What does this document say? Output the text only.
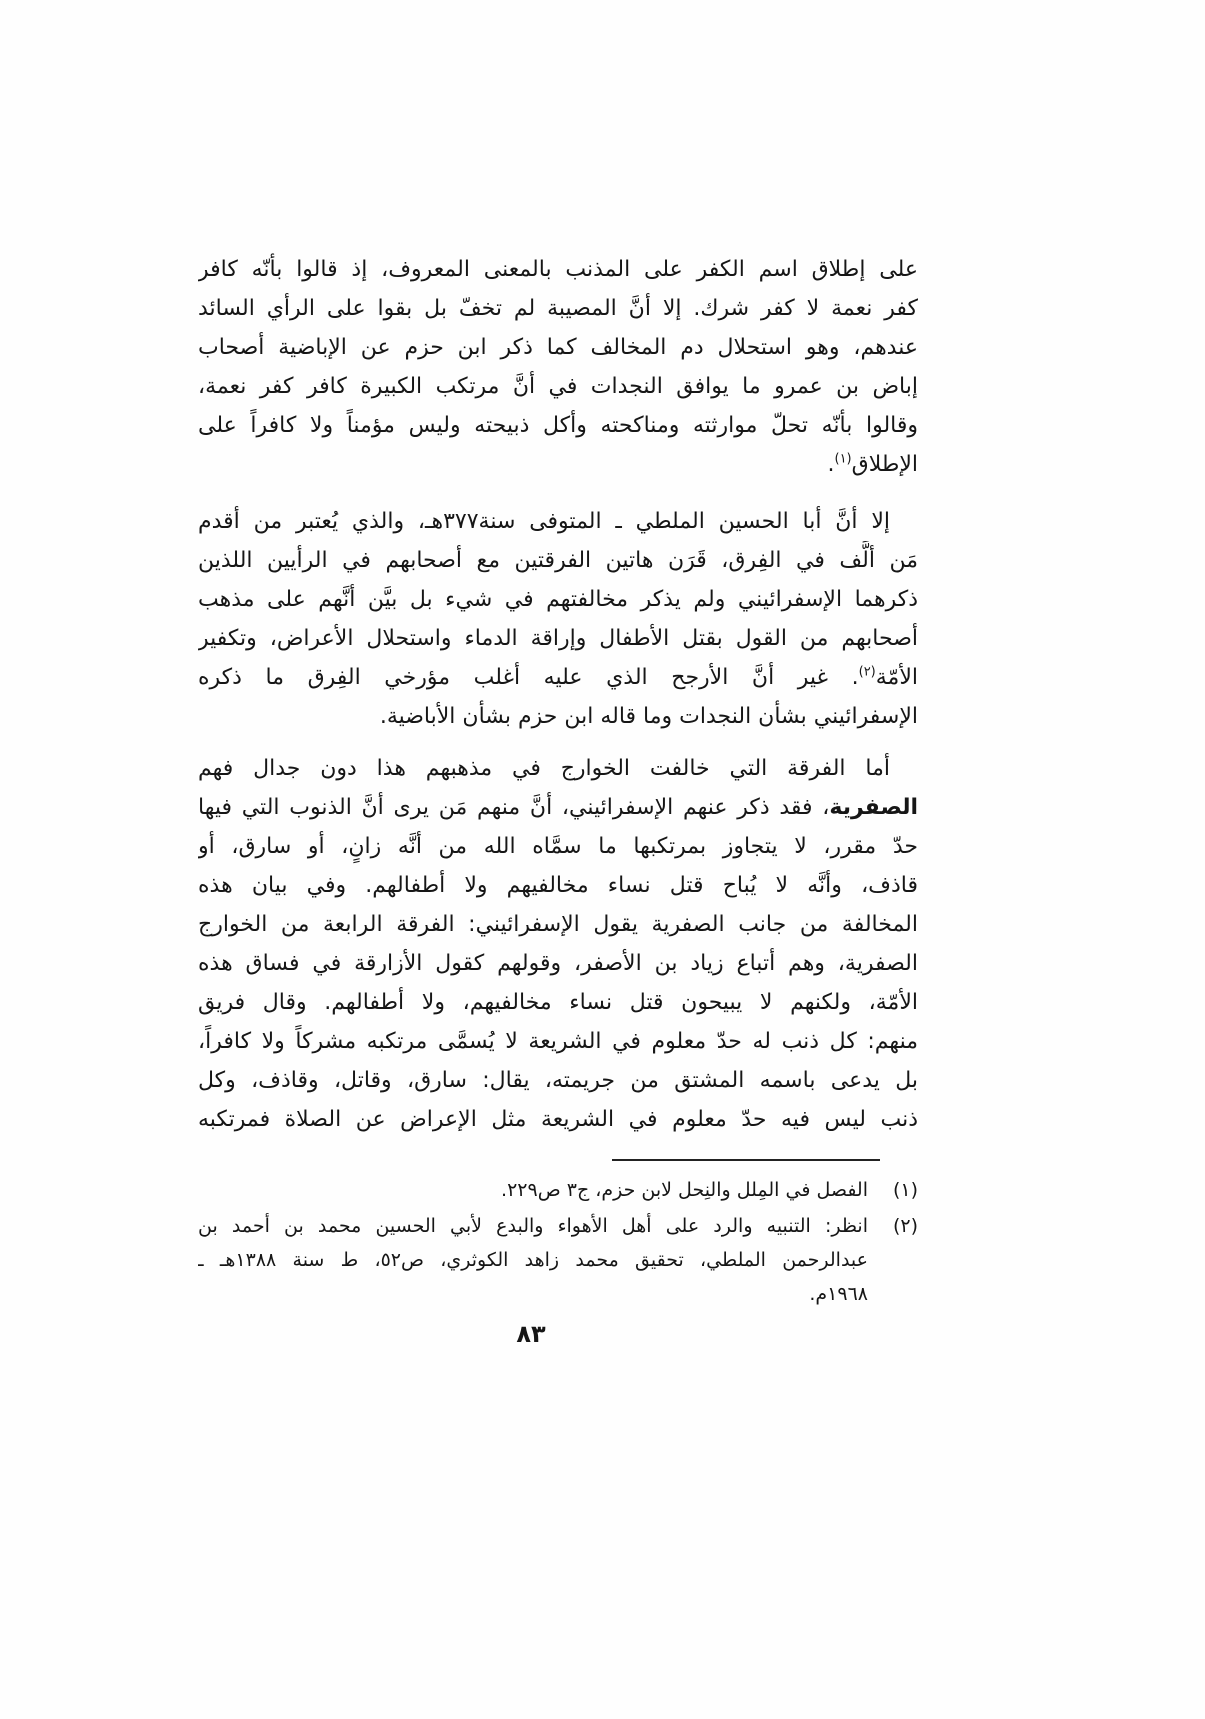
على إطلاق اسم الكفر على المذنب بالمعنى المعروف، إذ قالوا بأنّه كافر
كفر نعمة لا كفر شرك. إلا أنَّ المصيبة لم تخفّ بل بقوا على الرأي السائد
عندهم، وهو استحلال دم المخالف كما ذكر ابن حزم عن الإباضية أصحاب
إباض بن عمرو ما يوافق النجدات في أنَّ مرتكب الكبيرة كافر كفر نعمة،
وقالوا بأنّه تحلّ موارثته ومناكحته وأكل ذبيحته وليس مؤمناً ولا كافراً على
الإطلاق$^{(١)}$.
إلا أنَّ أبا الحسين الملطي ـ المتوفى سنة٣٧٧هـ، والذي يُعتبر من أقدم
مَن ألَّف في الفِرق، قَرَن هاتين الفرقتين مع أصحابهم في الرأيين اللذين
ذكرهما الإسفرائيني ولم يذكر مخالفتهم في شيء بل بيَّن أنَّهم على مذهب
أصحابهم من القول بقتل الأطفال وإراقة الدماء واستحلال الأعراض، وتكفير
الأمّة$^{(٢)}$. غير أنَّ الأرجح الذي عليه أغلب مؤرخي الفِرق ما ذكره
الإسفرائيني بشأن النجدات وما قاله ابن حزم بشأن الأباضية.
أما الفرقة التي خالفت الخوارج في مذهبهم هذا دون جدال فهم
الصفرية، فقد ذكر عنهم الإسفرائيني، أنَّ منهم مَن يرى أنَّ الذنوب التي فيها
حدّ مقرر، لا يتجاوز بمرتكبها ما سمَّاه الله من أنَّه زانٍ، أو سارق، أو
قاذف، وأنَّه لا يُباح قتل نساء مخالفيهم ولا أطفالهم. وفي بيان هذه
المخالفة من جانب الصفرية يقول الإسفرائيني: الفرقة الرابعة من الخوارج
الصفرية، وهم أتباع زياد بن الأصفر، وقولهم كقول الأزارقة في فساق هذه
الأمّة، ولكنهم لا يبيحون قتل نساء مخالفيهم، ولا أطفالهم. وقال فريق
منهم: كل ذنب له حدّ معلوم في الشريعة لا يُسمَّى مرتكبه مشركاً ولا كافراً،
بل يدعى باسمه المشتق من جريمته، يقال: سارق، وقاتل، وقاذف، وكل
ذنب ليس فيه حدّ معلوم في الشريعة مثل الإعراض عن الصلاة فمرتكبه
(١)
الفصل في المِلل والنِحل لابن حزم، ج٣ ص٢٢٩.
(٢)
انظر: التنبيه والرد على أهل الأهواء والبدع لأبي الحسين محمد بن أحمد بن
عبدالرحمن الملطي، تحقيق محمد زاهد الكوثري، ص٥٢، ط سنة ١٣٨٨هـ ـ
١٩٦٨م.
٨٣
